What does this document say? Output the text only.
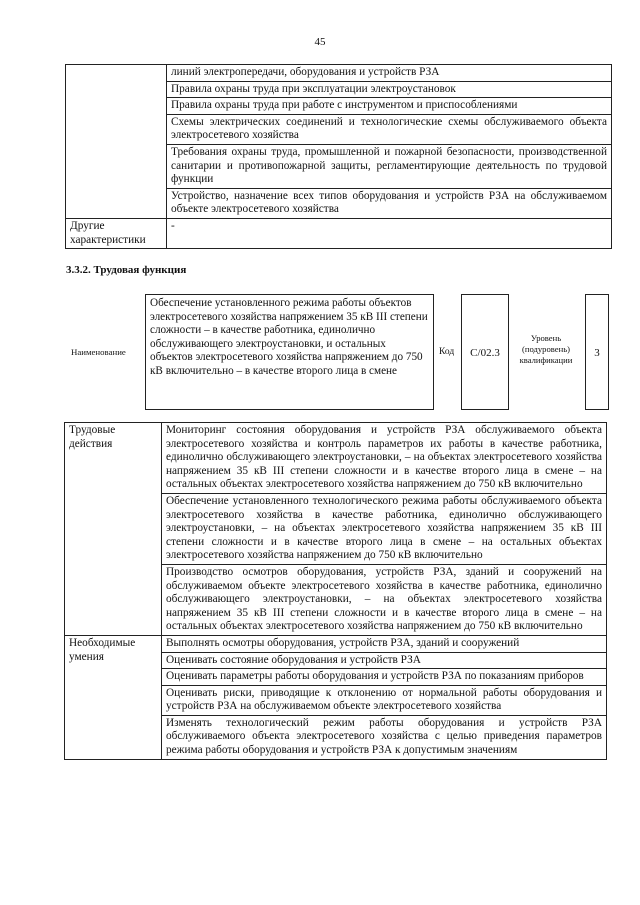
45
	линий электропередачи, оборудования и устройств РЗА
	Правила охраны труда при эксплуатации электроустановок
	Правила охраны труда при работе с инструментом и приспособлениями
	Схемы электрических соединений и технологические схемы обслуживаемого объекта электросетевого хозяйства
	Требования охраны труда, промышленной и пожарной безопасности, производственной санитарии и противопожарной защиты, регламентирующие деятельность по трудовой функции
	Устройство, назначение всех типов оборудования и устройств РЗА на обслуживаемом объекте электросетевого хозяйства
Другие характеристики	-
3.3.2. Трудовая функция
Наименование
Обеспечение установленного режима работы объектов электросетевого хозяйства напряжением 35 кВ III степени сложности – в качестве работника, единолично обслуживающего электроустановки, и остальных объектов электросетевого хозяйства напряжением до 750 кВ включительно – в качестве второго лица в смене
Код	C/02.3
Уровень (подуровень) квалификации
3
Трудовые действия	Мониторинг состояния оборудования и устройств РЗА обслуживаемого объекта электросетевого хозяйства и контроль параметров их работы в качестве работника, единолично обслуживающего электроустановки, – на объектах электросетевого хозяйства напряжением 35 кВ III степени сложности и в качестве второго лица в смене – на остальных объектах электросетевого хозяйства напряжением до 750 кВ включительно
	Обеспечение установленного технологического режима работы обслуживаемого объекта электросетевого хозяйства в качестве работника, единолично обслуживающего электроустановки, – на объектах электросетевого хозяйства напряжением 35 кВ III степени сложности и в качестве второго лица в смене – на остальных объектах электросетевого хозяйства напряжением до 750 кВ включительно
	Производство осмотров оборудования, устройств РЗА, зданий и сооружений на обслуживаемом объекте электросетевого хозяйства в качестве работника, единолично обслуживающего электроустановки, – на объектах электросетевого хозяйства напряжением 35 кВ III степени сложности и в качестве второго лица в смене – на остальных объектах электросетевого хозяйства напряжением до 750 кВ включительно
Необходимые умения	Выполнять осмотры оборудования, устройств РЗА, зданий и сооружений
	Оценивать состояние оборудования и устройств РЗА
	Оценивать параметры работы оборудования и устройств РЗА по показаниям приборов
	Оценивать риски, приводящие к отклонению от нормальной работы оборудования и устройств РЗА на обслуживаемом объекте электросетевого хозяйства
	Изменять технологический режим работы оборудования и устройств РЗА обслуживаемого объекта электросетевого хозяйства с целью приведения параметров режима работы оборудования и устройств РЗА к допустимым значениям
